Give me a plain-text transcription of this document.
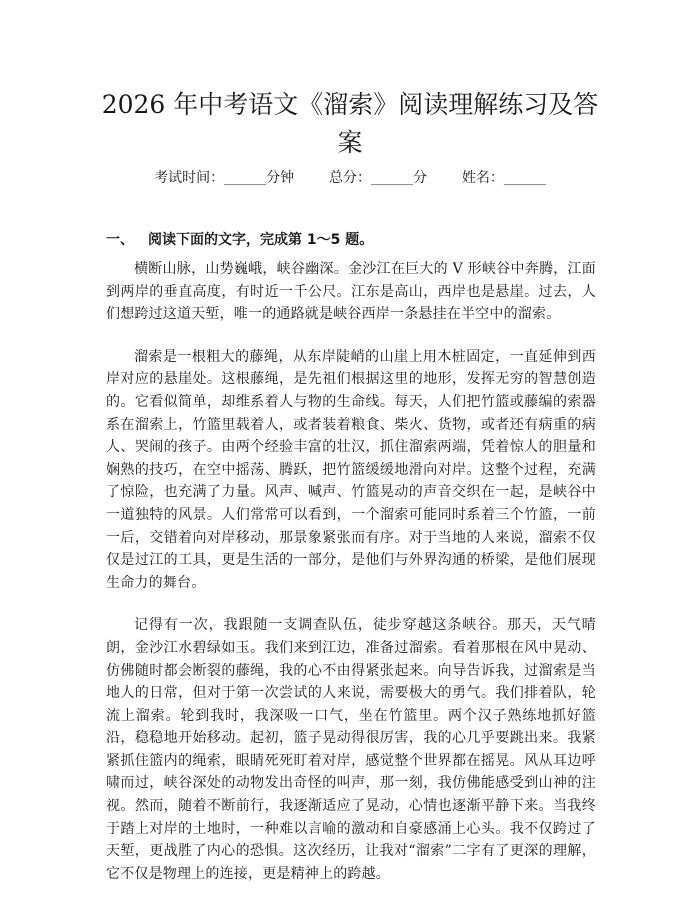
2026 年中考语文《溜索》阅读理解练习及答案
考试时间：______分钟 总分：______分 姓名：______
一、 阅读下面的文字，完成第 1～5 题。

横断山脉，山势巍峨，峡谷幽深。金沙江在巨大的 V 形峡谷中奔腾，江面到两岸的垂直高度，有时近一千公尺。江东是高山，西岸也是悬崖。过去，人们想跨过这道天堑，唯一的通路就是峡谷西岸一条悬挂在半空中的溜索。

溜索是一根粗大的藤绳，从东岸陡峭的山崖上用木桩固定，一直延伸到西岸对应的悬崖处。这根藤绳，是先祖们根据这里的地形，发挥无穷的智慧创造的。它看似简单，却维系着人与物的生命线。每天，人们把竹篮或藤编的索器系在溜索上，竹篮里载着人，或者装着粮食、柴火、货物，或者还有病重的病人、哭闹的孩子。由两个经验丰富的壮汉，抓住溜索两端，凭着惊人的胆量和娴熟的技巧，在空中摇荡、腾跃，把竹篮缓缓地滑向对岸。这整个过程，充满了惊险，也充满了力量。风声、喊声、竹篮晃动的声音交织在一起，是峡谷中一道独特的风景。人们常常可以看到，一个溜索可能同时系着三个竹篮，一前一后，交错着向对岸移动，那景象紧张而有序。对于当地的人来说，溜索不仅仅是过江的工具，更是生活的一部分，是他们与外界沟通的桥梁，是他们展现生命力的舞台。

记得有一次，我跟随一支调查队伍，徒步穿越这条峡谷。那天，天气晴朗，金沙江水碧绿如玉。我们来到江边，准备过溜索。看着那根在风中晃动、仿佛随时都会断裂的藤绳，我的心不由得紧张起来。向导告诉我，过溜索是当地人的日常，但对于第一次尝试的人来说，需要极大的勇气。我们排着队，轮流上溜索。轮到我时，我深吸一口气，坐在竹篮里。两个汉子熟练地抓好篮沿，稳稳地开始移动。起初，篮子晃动得很厉害，我的心几乎要跳出来。我紧紧抓住篮内的绳索，眼睛死死盯着对岸，感觉整个世界都在摇晃。风从耳边呼啸而过，峡谷深处的动物发出奇怪的叫声，那一刻，我仿佛能感受到山神的注视。然而，随着不断前行，我逐渐适应了晃动，心情也逐渐平静下来。当我终于踏上对岸的土地时，一种难以言喻的激动和自豪感涌上心头。我不仅跨过了天堑，更战胜了内心的恐惧。这次经历，让我对“溜索”二字有了更深的理解，它不仅是物理上的连接，更是精神上的跨越。
